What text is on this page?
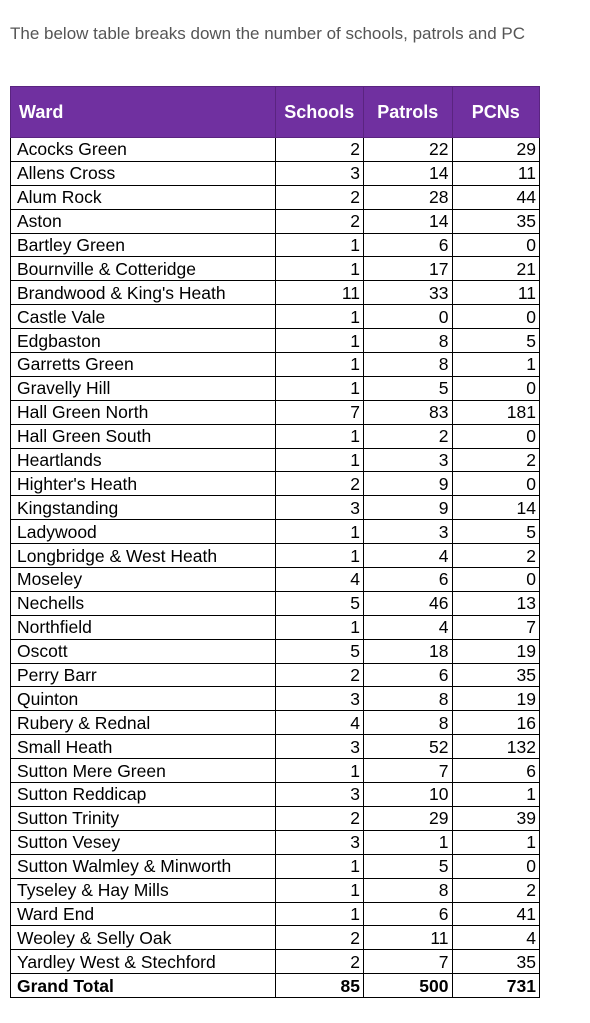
The below table breaks down the number of schools, patrols and PC
Ward	Schools	Patrols	PCNs
Acocks Green	2	22	29
Allens Cross	3	14	11
Alum Rock	2	28	44
Aston	2	14	35
Bartley Green	1	6	0
Bournville & Cotteridge	1	17	21
Brandwood & King's Heath	11	33	11
Castle Vale	1	0	0
Edgbaston	1	8	5
Garretts Green	1	8	1
Gravelly Hill	1	5	0
Hall Green North	7	83	181
Hall Green South	1	2	0
Heartlands	1	3	2
Highter's Heath	2	9	0
Kingstanding	3	9	14
Ladywood	1	3	5
Longbridge & West Heath	1	4	2
Moseley	4	6	0
Nechells	5	46	13
Northfield	1	4	7
Oscott	5	18	19
Perry Barr	2	6	35
Quinton	3	8	19
Rubery & Rednal	4	8	16
Small Heath	3	52	132
Sutton Mere Green	1	7	6
Sutton Reddicap	3	10	1
Sutton Trinity	2	29	39
Sutton Vesey	3	1	1
Sutton Walmley & Minworth	1	5	0
Tyseley & Hay Mills	1	8	2
Ward End	1	6	41
Weoley & Selly Oak	2	11	4
Yardley West & Stechford	2	7	35
Grand Total	85	500	731
